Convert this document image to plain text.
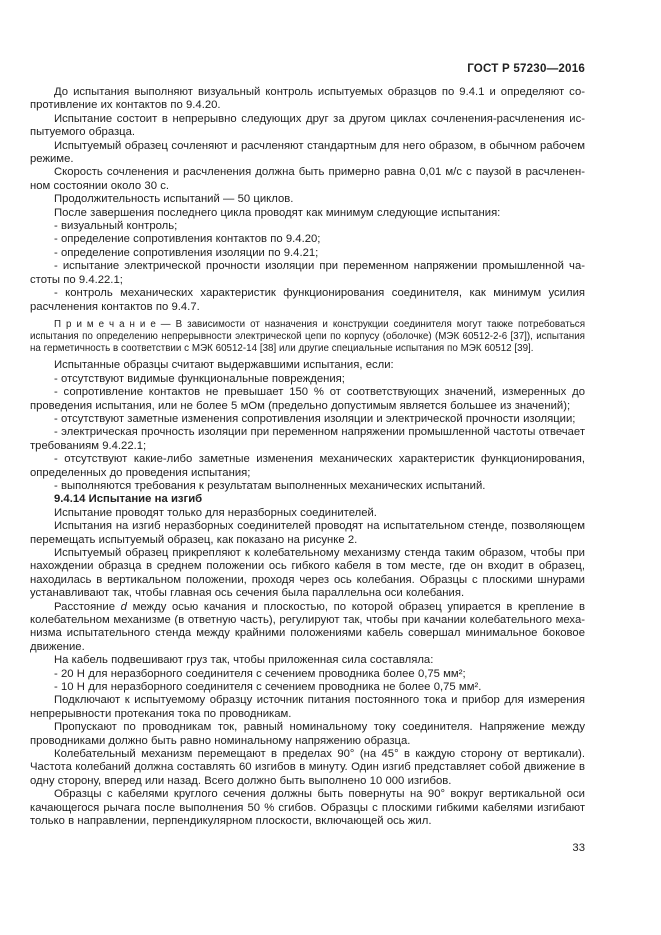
ГОСТ Р 57230—2016

До испытания выполняют визуальный контроль испытуемых образцов по 9.4.1 и определяют сопротивление их контактов по 9.4.20.

Испытание состоит в непрерывно следующих друг за другом циклах сочленения-расчленения испытуемого образца.

Испытуемый образец сочленяют и расчленяют стандартным для него образом, в обычном рабочем режиме.

Скорость сочленения и расчленения должна быть примерно равна 0,01 м/с с паузой в расчлененном состоянии около 30 с.

Продолжительность испытаний — 50 циклов.

После завершения последнего цикла проводят как минимум следующие испытания:

- визуальный контроль;

- определение сопротивления контактов по 9.4.20;

- определение сопротивления изоляции по 9.4.21;

- испытание электрической прочности изоляции при переменном напряжении промышленной частоты по 9.4.22.1;

- контроль механических характеристик функционирования соединителя, как минимум усилия расчленения контактов по 9.4.7.

П р и м е ч а н и е — В зависимости от назначения и конструкции соединителя могут также потребоваться испытания по определению непрерывности электрической цепи по корпусу (оболочке) (МЭК 60512-2-6 [37]), испытания на герметичность в соответствии с МЭК 60512-14 [38] или другие специальные испытания по МЭК 60512 [39].

Испытанные образцы считают выдержавшими испытания, если:

- отсутствуют видимые функциональные повреждения;

- сопротивление контактов не превышает 150 % от соответствующих значений, измеренных до проведения испытания, или не более 5 мОм (предельно допустимым является большее из значений);

- отсутствуют заметные изменения сопротивления изоляции и электрической прочности изоляции;

- электрическая прочность изоляции при переменном напряжении промышленной частоты отвечает требованиям 9.4.22.1;

- отсутствуют какие-либо заметные изменения механических характеристик функционирования, определенных до проведения испытания;

- выполняются требования к результатам выполненных механических испытаний.

9.4.14 Испытание на изгиб

Испытание проводят только для неразборных соединителей.

Испытания на изгиб неразборных соединителей проводят на испытательном стенде, позволяющем перемещать испытуемый образец, как показано на рисунке 2.

Испытуемый образец прикрепляют к колебательному механизму стенда таким образом, чтобы при нахождении образца в среднем положении ось гибкого кабеля в том месте, где он входит в образец, находилась в вертикальном положении, проходя через ось колебания. Образцы с плоскими шнурами устанавливают так, чтобы главная ось сечения была параллельна оси колебания.

Расстояние d между осью качания и плоскостью, по которой образец упирается в крепление в колебательном механизме (в ответную часть), регулируют так, чтобы при качании колебательного механизма испытательного стенда между крайними положениями кабель совершал минимальное боковое движение.

На кабель подвешивают груз так, чтобы приложенная сила составляла:

- 20 Н для неразборного соединителя с сечением проводника более 0,75 мм²;

- 10 Н для неразборного соединителя с сечением проводника не более 0,75 мм².

Подключают к испытуемому образцу источник питания постоянного тока и прибор для измерения непрерывности протекания тока по проводникам.

Пропускают по проводникам ток, равный номинальному току соединителя. Напряжение между проводниками должно быть равно номинальному напряжению образца.

Колебательный механизм перемещают в пределах 90° (на 45° в каждую сторону от вертикали). Частота колебаний должна составлять 60 изгибов в минуту. Один изгиб представляет собой движение в одну сторону, вперед или назад. Всего должно быть выполнено 10 000 изгибов.

Образцы с кабелями круглого сечения должны быть повернуты на 90° вокруг вертикальной оси качающегося рычага после выполнения 50 % сгибов. Образцы с плоскими гибкими кабелями изгибают только в направлении, перпендикулярном плоскости, включающей ось жил.

33
